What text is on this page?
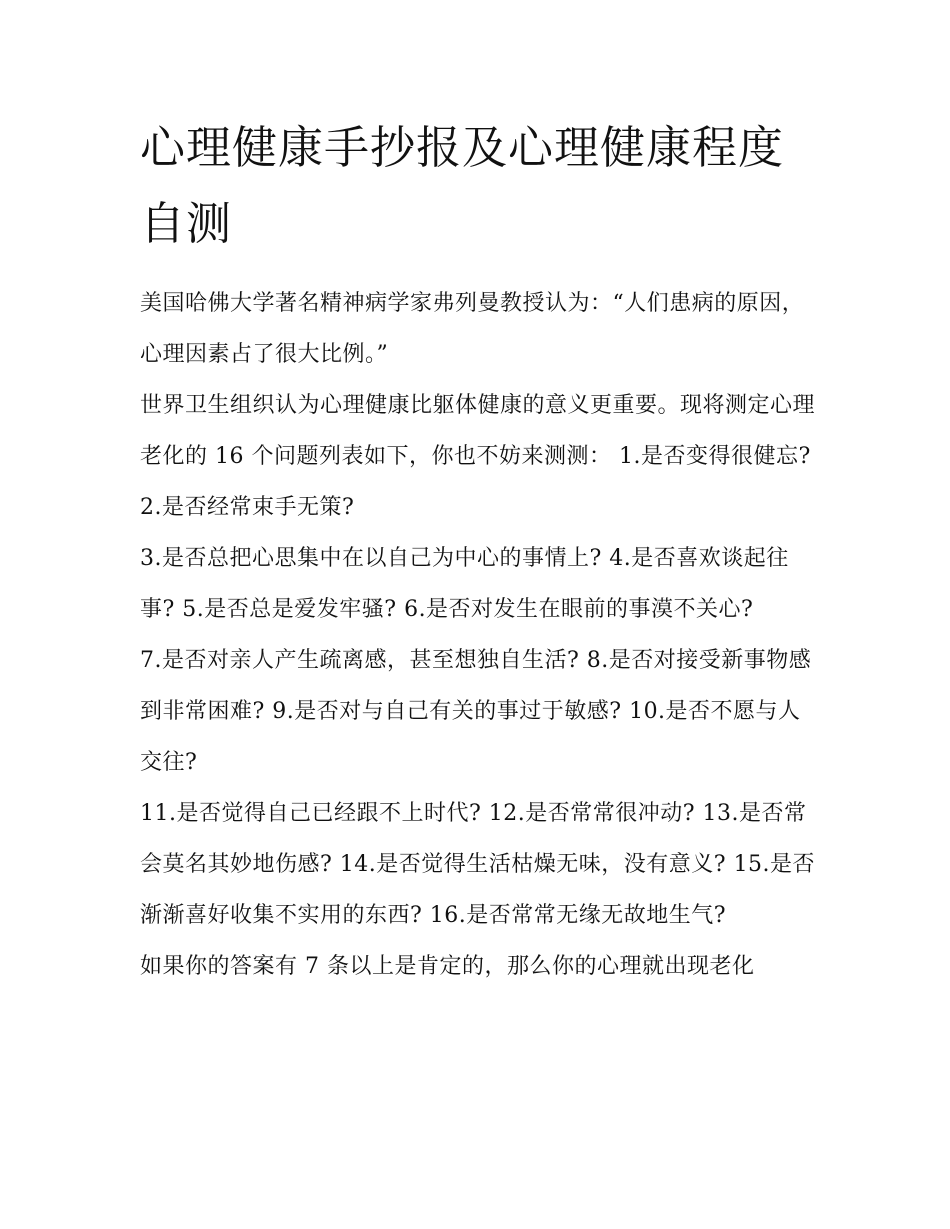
心理健康手抄报及心理健康程度自测

美国哈佛大学著名精神病学家弗列曼教授认为：“人们患病的原因，心理因素占了很大比例。”

世界卫生组织认为心理健康比躯体健康的意义更重要。现将测定心理老化的 16 个问题列表如下，你也不妨来测测： 1.是否变得很健忘? 2.是否经常束手无策?

3.是否总把心思集中在以自己为中心的事情上? 4.是否喜欢谈起往事? 5.是否总是爱发牢骚? 6.是否对发生在眼前的事漠不关心?

7.是否对亲人产生疏离感，甚至想独自生活? 8.是否对接受新事物感到非常困难? 9.是否对与自己有关的事过于敏感? 10.是否不愿与人交往?

11.是否觉得自己已经跟不上时代? 12.是否常常很冲动? 13.是否常会莫名其妙地伤感? 14.是否觉得生活枯燥无味，没有意义? 15.是否渐渐喜好收集不实用的东西? 16.是否常常无缘无故地生气?

如果你的答案有 7 条以上是肯定的，那么你的心理就出现老化
